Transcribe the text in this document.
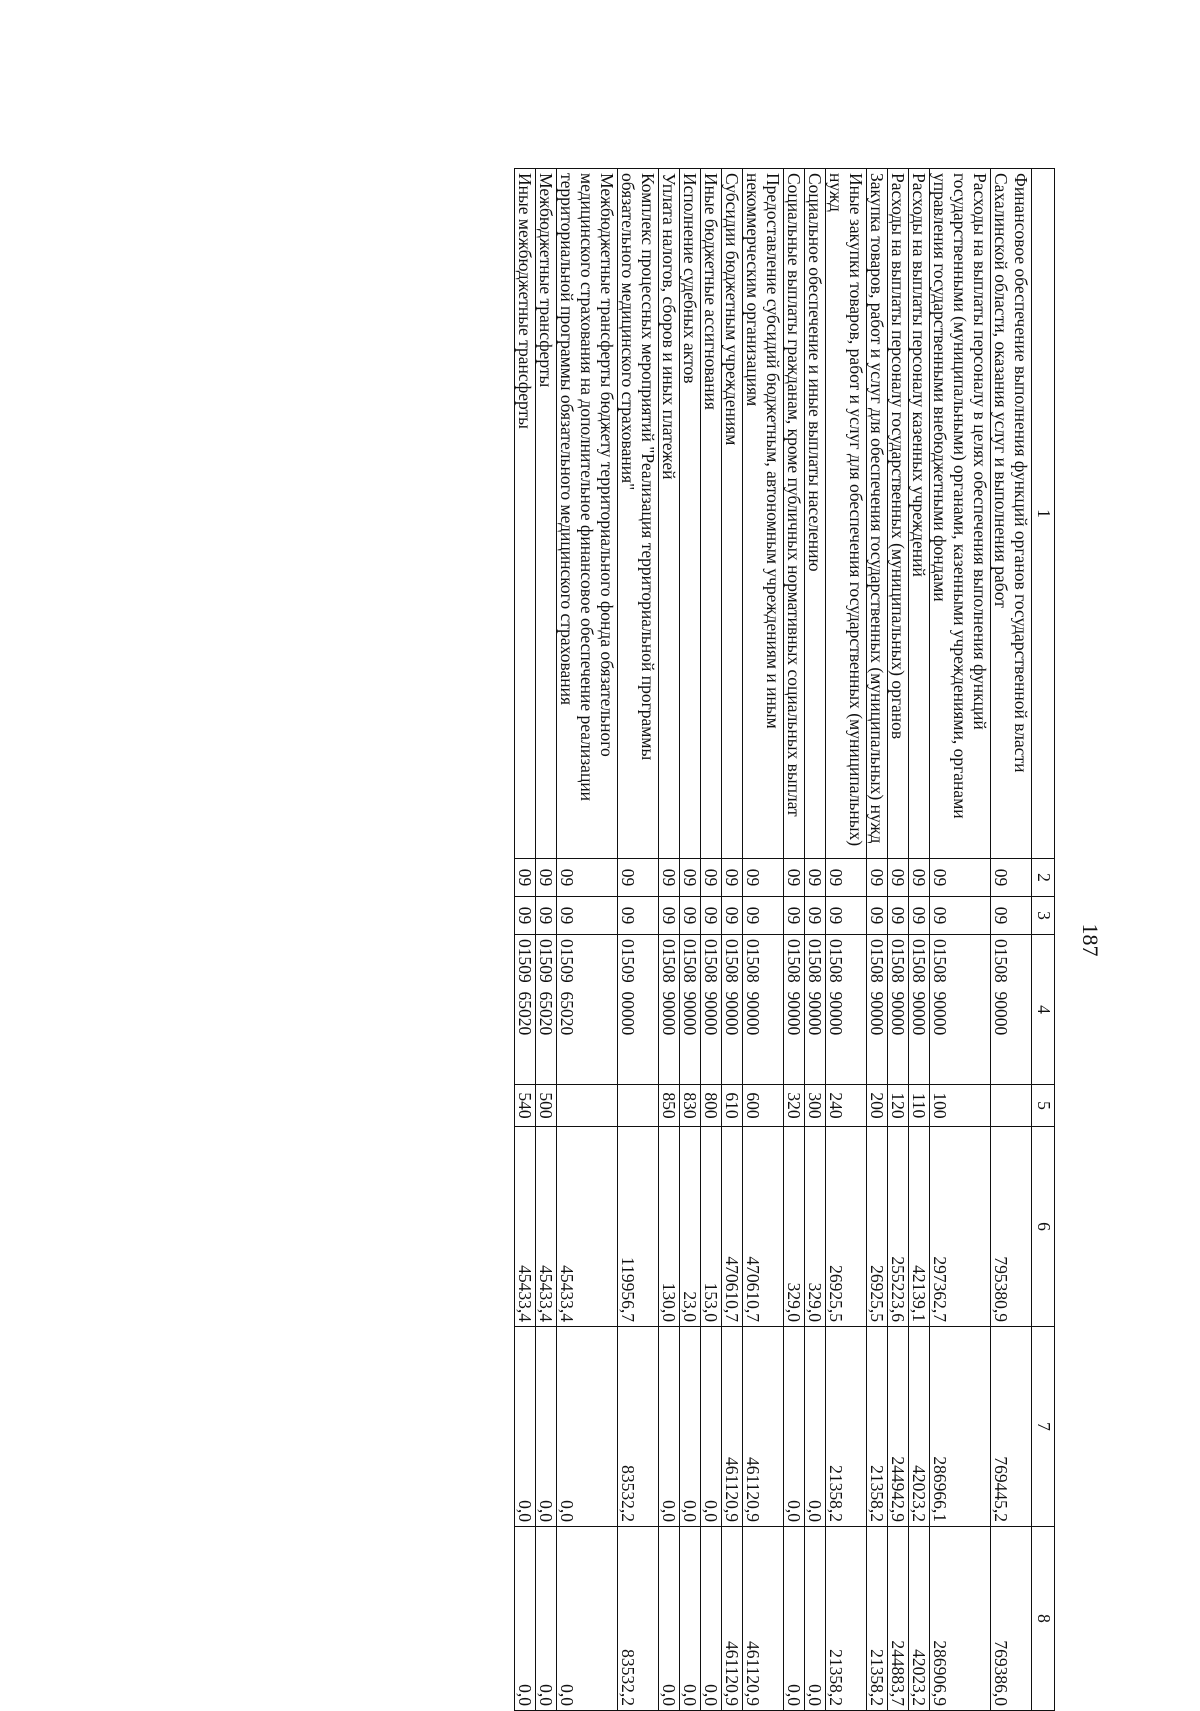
187
1	2	3	4	5	6	7	8
Финансовое обеспечение выполнения функций органов государственной власти Сахалинской области, оказания услуг и выполнения работ	09	09	01508  90000		795380,9	769445,2	769386,0
Расходы на выплаты персоналу в целях обеспечения выполнения функций государственными (муниципальными) органами, казенными учреждениями, органами управления государственными внебюджетными фондами	09	09	01508  90000	100	297362,7	286966,1	286906,9
Расходы на выплаты персоналу казенных учреждений	09	09	01508  90000	110	42139,1	42023,2	42023,2
Расходы на выплаты персоналу государственных (муниципальных) органов	09	09	01508  90000	120	255223,6	244942,9	244883,7
Закупка товаров, работ и услуг для обеспечения государственных (муниципальных) нужд	09	09	01508  90000	200	26925,5	21358,2	21358,2
Иные закупки товаров, работ и услуг для обеспечения государственных (муниципальных) нужд	09	09	01508  90000	240	26925,5	21358,2	21358,2
Социальное обеспечение и иные выплаты населению	09	09	01508  90000	300	329,0	0,0	0,0
Социальные выплаты гражданам, кроме публичных нормативных социальных выплат	09	09	01508  90000	320	329,0	0,0	0,0
Предоставление субсидий бюджетным, автономным учреждениям и иным некоммерческим организациям	09	09	01508  90000	600	470610,7	461120,9	461120,9
Субсидии бюджетным учреждениям	09	09	01508  90000	610	470610,7	461120,9	461120,9
Иные бюджетные ассигнования	09	09	01508  90000	800	153,0	0,0	0,0
Исполнение судебных актов	09	09	01508  90000	830	23,0	0,0	0,0
Уплата налогов, сборов и иных платежей	09	09	01508  90000	850	130,0	0,0	0,0
Комплекс процессных мероприятий "Реализация территориальной программы обязательного медицинского страхования"	09	09	01509  00000		119956,7	83532,2	83532,2
Межбюджетные трансферты бюджету территориального фонда обязательного медицинского страхования на дополнительное финансовое обеспечение реализации территориальной программы обязательного медицинского страхования	09	09	01509  65020		45433,4	0,0	0,0
Межбюджетные трансферты	09	09	01509  65020	500	45433,4	0,0	0,0
Иные межбюджетные трансферты	09	09	01509  65020	540	45433,4	0,0	0,0
